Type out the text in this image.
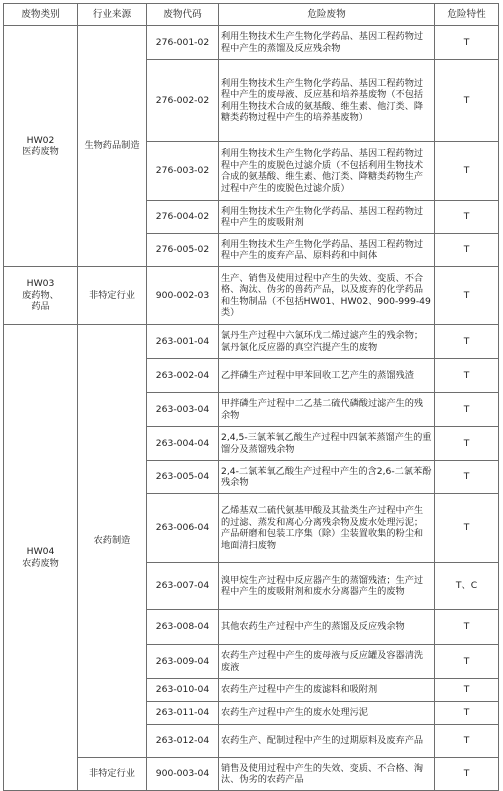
废物类别	行业来源	废物代码	危险废物	危险特性

HW02
医药废物	生物药品制造	276-001-02	利用生物技术生产生物化学药品、基因工程药物过程中产生的蒸馏及反应残余物	T
		276-002-02	利用生物技术生产生物化学药品、基因工程药物过程中产生的废母液、反应基和培养基废物（不包括利用生物技术合成的氨基酸、维生素、他汀类、降糖类药物过程中产生的培养基废物）	T
		276-003-02	利用生物技术生产生物化学药品、基因工程药物过程中产生的废脱色过滤介质（不包括利用生物技术合成的氨基酸、维生素、他汀类、降糖类药物生产过程中产生的废脱色过滤介质）	T
		276-004-02	利用生物技术生产生物化学药品、基因工程药物过程中产生的废吸附剂	T
		276-005-02	利用生物技术生产生物化学药品、基因工程药物过程中产生的废弃产品、原料药和中间体	T

HW03
废药物、
药品	非特定行业	900-002-03	生产、销售及使用过程中产生的失效、变质、不合格、淘汰、伪劣的兽药产品，以及废弃的化学药品和生物制品（不包括HW01、HW02、900-999-49类）	T

HW04
农药废物	农药制造	263-001-04	氯丹生产过程中六氯环戊二烯过滤产生的残余物；氯丹氯化反应器的真空汽提产生的废物	T
		263-002-04	乙拌磷生产过程中甲苯回收工艺产生的蒸馏残渣	T
		263-003-04	甲拌磷生产过程中二乙基二硫代磷酸过滤产生的残余物	T
		263-004-04	2,4,5-三氯苯氧乙酸生产过程中四氯苯蒸馏产生的重馏分及蒸馏残余物	T
		263-005-04	2,4-二氯苯氧乙酸生产过程中产生的含2,6-二氯苯酚残余物	T
		263-006-04	乙烯基双二硫代氨基甲酸及其盐类生产过程中产生的过滤、蒸发和离心分离残余物及废水处理污泥；产品研磨和包装工序集（除）尘装置收集的粉尘和地面清扫废物	T
		263-007-04	溴甲烷生产过程中反应器产生的蒸馏残渣；生产过程中产生的废吸附剂和废水分离器产生的废物	T、C
		263-008-04	其他农药生产过程中产生的蒸馏及反应残余物	T
		263-009-04	农药生产过程中产生的废母液与反应罐及容器清洗废液	T
		263-010-04	农药生产过程中产生的废滤料和吸附剂	T
		263-011-04	农药生产过程中产生的废水处理污泥	T
		263-012-04	农药生产、配制过程中产生的过期原料及废弃产品	T
	非特定行业	900-003-04	销售及使用过程中产生的失效、变质、不合格、淘汰、伪劣的农药产品	T
